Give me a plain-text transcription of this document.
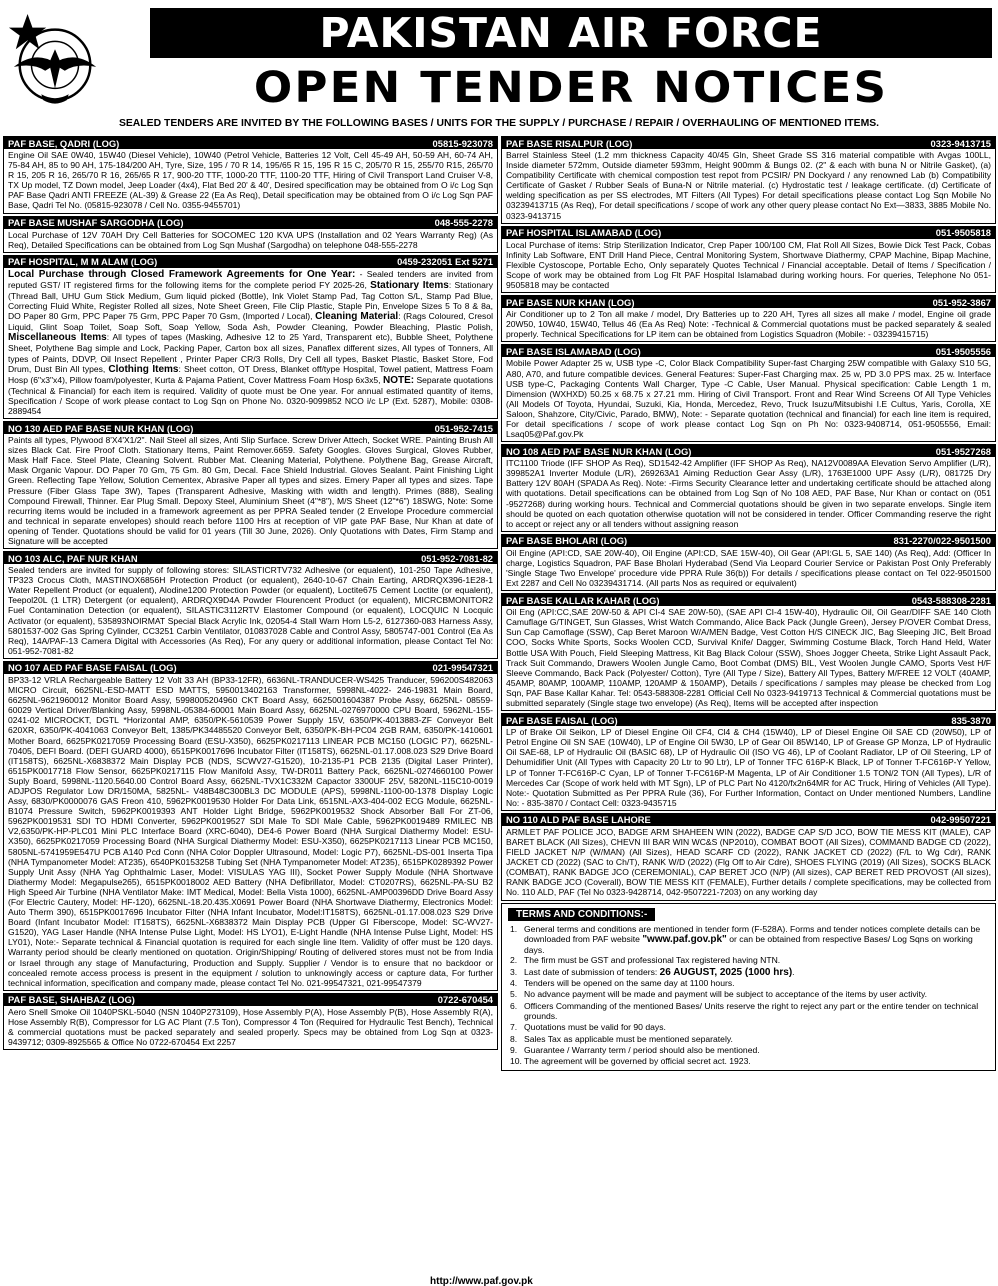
PAKISTAN AIR FORCE
OPEN TENDER NOTICES
SEALED TENDERS ARE INVITED BY THE FOLLOWING BASES / UNITS FOR THE SUPPLY / PURCHASE / REPAIR / OVERHAULING OF MENTIONED ITEMS.
PAF BASE, QADRI (LOG)	05815-923078
Engine Oil SAE 0W40, 15W40 (Diesel Vehicle), 10W40 (Petrol Vehicle, Batteries 12 Volt, Cell 45-49 AH, 50-59 AH, 60-74 AH, 75-84 AH, 85 to 90 AH, 175-184/200 AH, Tyre, Size, 195 / 70 R 14, 195/65 R 15, 195 R 15 C, 205/70 R 15, 255/70 R15, 265/70 R 15, 205 R 16, 265/70 R 16, 265/65 R 17, 900-20 TTF, 1000-20 TTF, 1100-20 TTF, Hiring of Civil Transport Land Cruiser V-8, TX Up model, TZ Down model, Jeep Loader (4x4), Flat Bed 20' & 40', Desired specification may be obtained from O i/c Log Sqn PAF Base Qadri ANTI FREEZE (AL-39) & Grease 22 (Ea As Req), Detail specification may be obtained from O i/c Log Sqn PAF Base, Qadri Tel No. (05815-923078 / Cell No. 0355-9455701)
PAF BASE MUSHAF SARGODHA (LOG)	048-555-2278
Local Purchase of 12V 70AH Dry Cell Batteries for SOCOMEC 120 KVA UPS (Installation and 02 Years Warranty Reg) (As Req), Detailed Specifications can be obtained from Log Sqn Mushaf (Sargodha) on telephone 048-555-2278
PAF HOSPITAL, M M ALAM (LOG)	0459-232051 Ext 5271
Local Purchase through Closed Framework Agreements for One Year: - Sealed tenders are invited from reputed GST/ IT registered firms for the following items for the complete period FY 2025-26, Stationary Items: Stationary (Thread Ball, UHU Gum Stick Medium, Gum liquid picked (Bottle), Ink Violet Stamp Pad, Tag Cotton S/L, Stamp Pad Blue, Correcting Fluid White, Register Rolled all sizes, Note Sheet Green, File Clip Plastic, Staple Pin, Envelope Sizes 5 To 8 & 8a, DO Paper 80 Grm, PPC Paper 75 Grm, PPC Paper 70 Gsm, (Imported / Local), Cleaning Material: (Rags Coloured, Cresol Liquid, Glint Soap Toilet, Soap Soft, Soap Yellow, Soda Ash, Powder Cleaning, Powder Bleaching, Plastic Polish, Miscellaneous Items: All types of tapes (Masking, Adhesive 12 to 25 Yard, Transparent etc), Bubble Sheet, Polythene Sheet, Polythene Bag simple and Lock, Packing Paper, Carton box all sizes, Panaflex different sizes, All types of Tonners, All types of Paints, DDVP, Oil Insect Repellent , Printer Paper CR/3 Rolls, Dry Cell all types, Basket Plastic, Basket Store, Fod Drum, Dust Bin All types, Clothing Items: Sheet cotton, OT Dress, Blanket off/type Hospital, Towel patient, Mattress Foam Hosp (6"x3"x4), Pillow foam/polyester, Kurta & Pajama Patient, Cover Mattress Foam Hosp 6x3x5, NOTE: Separate quotations (Technical & Financial) for each item is required. Validity of quote must be One year. For annual estimated quantity of items, Specification / Scope of work please contact to Log Sqn on Phone No. 0320-9099852 NCO i/c LP (Ext. 5287), Mobile: 0308-2889454
NO 130 AED PAF BASE NUR KHAN (LOG)	051-952-7415
Paints all types, Plywood 8'X4'X1/2". Nail Steel all sizes, Anti Slip Surface. Screw Driver Attech, Socket WRE. Painting Brush All sizes Black Cat. Fire Proof Cloth. Stationary Items, Paint Remover.6659. Safety Googles. Gloves Surgical, Gloves Rubber, Mask Half Face. Steel Plate, Cleaning Solvent. Rubber Mat. Cleaning Material, Polythene. Polythene Bag, Grease Aircraft, Mask Organic Vapour. DO Paper 70 Gm, 75 Gm. 80 Gm, Decal. Face Shield Industrial. Gloves Sealant. Paint Finishing Light Green. Reflecting Tape Yellow, Solution Cementex, Abrasive Paper all types and sizes. Emery Paper all types and sizes. Tape Pressure (Fiber Glass Tape 3W), Tapes (Transparent Adhesive, Masking with width and length). Primes (888), Sealing Compound Firewall, Thinner. Ear Plug Small. Depoxy Steel, Aluminium Sheet (4"*8"), M/S Sheet (12"*6") 18SWG, Note: Some recurring items would be included in a framework agreement as per PPRA Sealed tender (2 Envelope Procedure commercial and technical in separate envelopes) should reach before 1100 Hrs at reception of VIP gate PAF Base, Nur Khan at date of opening of Tender. Quotations should be valid for 01 years (Till 30 June, 2026). Only Quotations with Dates, Firm Stamp and Signature will be accepted
NO 103 ALC, PAF NUR KHAN	051-952-7081-82
Sealed tenders are invited for supply of following stores: SILASTICRTV732 Adhesive (or equalent), 101-250 Tape Adhesive, TP323 Crocus Cloth, MASTINOX6856H Protection Product (or equalent), 2640-10-67 Chain Earting, ARDRQX396-1E28-1 Water Repellent Product (or equalent), Alodine1200 Protection Powder (or equalent), Loctite675 Cement Loctite (or equalent), Teepol20L (1 LTR) Detergent (or equalent), ARDRQX9D4A Powder Flourencent Product (or equalent), MICRCBMONITOR2 Fuel Contamination Detection (or equalent), SILASTIC3112RTV Elastomer Compound (or equalent), LOCQUIC N Locquic Activator (or equalent), 535893NOIRMAT Special Black Acrylic Ink, 02054-4 Stall Warn Horn L5-2, 6127360-083 Harness Assy, 5801537-002 Gas Spring Cylinder, CC3251 Carbin Ventilator, 010837028 Cable and Control Assy, 5805747-001 Control (Ea As Req), 14A/PAF-13 Camera Digital with Accessories (As Req), For any query or additional information, please Contact Tel No: 051-952-7081-82
NO 107 AED PAF BASE FAISAL (LOG)	021-99547321
BP33-12 VRLA Rechargeable Battery 12 Volt 33 AH (BP33-12FR), 6636NL-TRANDUCER-WS425 Tranducer, 596200S482063 MICRO Circuit, 6625NL-ESD-MATT ESD MATTS, 5950013402163 Transformer, 5998NL-4022- 246-19831 Main Board, 6625NL-9621960012 Monitor Board Assy, 5998005204960 CKT Board Assy, 6625001604387 Probe Assy, 6625NL- 08559-60029 Vertical Driver/Blanking Assy, 5998NL-05384-60001 Main Board Assy, 6625NL-0276970000 CPU Board, 5962NL-155-0241-02 MICROCKT, DGTL *Horizontal AMP, 6350/PK-5610539 Power Supply 15V, 6350/PK-4013883-ZF Conveyor Belt 620XR, 6350/PK-4041063 Conveyor Belt, 1385/PK34485520 Conveyor Belt, 6350/PK-BH-PC04 2GB RAM, 6350/PK-1410601 Mother Board, 6625PK0217059 Processing Board (ESU-X350), 6625PK0217113 LINEAR PCB MC150 (LOGIC P7), 6625NL-70405, DEFI Board. (DEFI GUARD 4000), 6515PK0017696 Incubator Filter (IT158TS), 6625NL-01.17.008.023 S29 Drive Board (IT158TS), 6625NL-X6838372 Main Display PCB (NDS, SCWV27-G1520), 10-2135-P1 PCB 2135 (Digital Laser Printer), 6515PK0017718 Flow Sensor, 6625PK0217115 Flow Manifold Assy, TW-DR011 Battery Pack, 6625NL-0274660100 Power Suply Board, 5998NL-1120.5640.00 Control Board Assy, 6625NL-TVX1C332M Capactor 3300UF 25V, 5820NL-115C10-0019 ADJPOS Regulator Low DR/150MA, 5825NL- V48B48C300BL3 DC MODULE (APS), 5998NL-1100-00-1378 Display Logic Assy, 6830/PK0000076 GAS Freon 410, 5962PK0019530 Holder For Data Link, 6515NL-AX3-404-002 ECG Module, 6625NL-B1074 Pressure Switch, 5962PK0019393 ANT Holder Light Bridge, 5962PK0019532 Shock Absorber Ball For ZT-06, 5962PK0019531 SDI TO HDMI Converter, 5962PK0019527 SDI Male To SDI Male Cable, 5962PK0019489 RMILEC NB V2,6350/PK-HP-PLC01 Mini PLC Interface Board (XRC-6040), DE4-6 Power Board (NHA Surgical Diathermy Model: ESU-X350), 6625PK0217059 Processing Board (NHA Surgical Diathermy Model: ESU-X350), 6625PK0217113 Linear PCB MC150, 5805NL-5741959E547U PCB A140 Pcd Conn (NHA Color Doppler Ultrasound, Model: Logic P7), 6625NL-DS-001 Inserta Tipa (NHA Tympanometer Model: AT235), 6540PK0153258 Tubing Set (NHA Tympanometer Model: AT235), 6515PK0289392 Power Supply Unit Assy (NHA Yag Ophthalmic Laser, Model: VISULAS YAG III), Socket Power Supply Module (NHA Shortwave Diathermy Model: Megapulse265), 6515PK0018002 AED Battery (NHA Defibrillator, Model: CT0207RS), 6625NL-PA-SU B2 High Speed Air Turbine (NHA Ventilator Make: IMT Medical, Model: Bella Vista 1000), 6625NL-AMP00396DD Drive Board Assy (For Electric Cautery, Model: HF-120), 6625NL-18.20.435.X0691 Power Board (NHA Shortwave Diathermy, Electronics Model: Auto Therm 390), 6515PK0017696 Incubator Filter (NHA Infant Incubator, Model:IT158TS), 6625NL-01.17.008.023 S29 Drive Board (Infant Incubator Model: IT158TS), 6625NL-X6838372 Main Display PCB (Upper GI Fiberscope, Model: SC-WV27-G1520), YAG Laser Handle (NHA Intense Pulse Light, Model: HS LYO1), E-Light Handle (NHA Intense Pulse Light, Model: HS LY01), Note:- Separate technical & Financial quotation is required for each single line Item. Validity of offer must be 120 days. Warranty period should be clearly mentioned on quotation. Origin/Shipping/ Routing of delivered stores must not be from India or Israel through any stage of Manufacturing, Production and Supply. Supplier / Vendor is to ensure that no backdoor or concealed remote access process is present in the equipment / solution to unknowingly access or capture data, For further technical information, specification and company made, please contact Tel No. 021-99547321, 021-99547379
PAF BASE, SHAHBAZ (LOG)	0722-670454
Aero Snell Smoke Oil 1040PSKL-5040 (NSN 1040P273109), Hose Assembly P(A), Hose Assembly P(B), Hose Assembly R(A), Hose Assembly R(B), Compressor for LG AC Plant (7.5 Ton), Compressor 4 Ton (Required for Hydraulic Test Bench), Technical & commercial quotations must be packed separately and sealed properly. Specs may be obtained from Log Sqn at 0323-9439712; 0309-8925565 & Office No 0722-670454 Ext 2257
PAF BASE RISALPUR (LOG)	0323-9413715
Barrel Stainless Steel (1.2 mm thickness Capacity 40/45 Gln, Sheet Grade SS 316 material compatible with Avgas 100LL, Inside diameter 572mm, Outside diameter 593mm, Height 900mm & Bungs 02. (2" & each with buna N or Nitrile Gasket), (a) Compatibility Certificate with chemical compostion test repot from PCSIR/ PN Dockyard / any renowned Lab (b) Compatibility Certificate of Gasket / Rubber Seals of Buna-N or Nitrile material. (c) Hydrostatic test / leakage certificate. (d) Certificate of welding specification as per SS electrodes, MT Filters (All Types) For detail specifications please contact Log Sqn Mobile No 03239413715 (As Req), For detail specifications / scope of work any other query please contact No Ext—3833, 3885 Mobile No. 0323-9413715
PAF HOSPITAL ISLAMABAD (LOG)	051-9505818
Local Purchase of items: Strip Sterilization Indicator, Crep Paper 100/100 CM, Flat Roll All Sizes, Bowie Dick Test Pack, Cobas Infinity Lab Software, ENT Drill Hand Piece, Central Monitoring System, Shortwave Diathermy, CPAP Machine, Bipap Machine, Flexible Cystoscope, Portable Echo, Only separately Quotes Technical / Financial acceptable. Detail of Items / Specification / Scope of work may be obtained from Log Flt PAF Hospital Islamabad during working hours. For queries, Telephone No 051-9505818 may be contacted
PAF BASE NUR KHAN (LOG)	051-952-3867
Air Conditioner up to 2 Ton all make / model, Dry Batteries up to 220 AH, Tyres all sizes all make / model, Engine oil grade 20W50, 10W40, 15W40, Tellus 46 (Ea As Req) Note: -Technical & Commercial quotations must be packed separately & sealed properly. Technical Specifications for LP item can be obtained from Logistics Squadron (Mobile: - 03239415715)
PAF BASE ISLAMABAD (LOG)	051-9505556
Mobile Power Adapter 25 w, USB type -C, Color Black Compatibility Super-fast Charging 25W compatible with Galaxy S10 5G, A80, A70, and future compatible devices. General Features: Super-Fast Charging max. 25 w, PD 3.0 PPS max. 25 w. Interface USB type-C, Packaging Contents Wall Charger, Type -C Cable, User Manual. Physical specification: Cable Length 1 m, Dimension (WXHXD) 50.25 x 68.75 x 27.21 mm. Hiring of Civil Transport. Front and Rear Wind Screens Of All Type Vehicles (All Models Of Toyota, Hyundai, Suzuki, Kia, Honda, Mercedez, Revo, Truck Isuzu/Mitsubishi I.E Cultus, Yaris, Corolla, XE Saloon, Shahzore, City/Civic, Parado, BMW), Note: - Separate quotation (technical and financial) for each line item is required, For detail specifications / scope of work please contact Log Sqn on Ph No: 0323-9408714, 051-9505556, Email: Lsaq05@Paf.gov.Pk
NO 108 AED PAF BASE NUR KHAN (LOG)	051-9527268
ITC1100 Triode (IFF SHOP As Req), SD1542-42 Amplifier (IFF SHOP As Req), NA12V0089AA Elevation Servo Amplifier (L/R), 399852A1 Inverter Module (L/R), 269263A1 Aiming Reduction Gear Assy (L/R), 1763E1000 UPF Assy (L/R), 081725 Dry Battery 12V 80AH (SPADA As Req). Note: -Firms Security Clearance letter and undertaking certificate should be attached along with quotations. Detail specifications can be obtained from Log Sqn of No 108 AED, PAF Base, Nur Khan or contact on (051 -9527268) during working hours. Technical and Commercial quotations should be given in two separate envelops. Single item should be quoted on each quotation otherwise quotation will not be considered in tender. Officer Commanding reserve the right to accept or reject any or all tenders without assigning reason
PAF BASE BHOLARI (LOG)	831-2270/022-9501500
Oil Engine (API:CD, SAE 20W-40), Oil Engine (API:CD, SAE 15W-40), Oil Gear (API:GL 5, SAE 140) (As Req), Add: (Officer In charge, Logistics Squadron, PAF Base Bholari Hyderabad (Send Via Leopard Courier Service or Pakistan Post Only Preferably 'Single Stage Two Envelope' procedure vide PPRA Rule 36(b)) For details / specifications please contact on Tel 022-9501500 Ext 2287 and Cell No 03239431714. (All parts Nos as required or equivalent)
PAF BASE KALLAR KAHAR (LOG)	0543-588308-2281
Oil Eng (API:CC,SAE 20W-50 & API CI-4 SAE 20W-50), (SAE API CI-4 15W-40), Hydraulic Oil, Oil Gear/DIFF SAE 140 Cloth Camuflage G/TINGET, Sun Glasses, Wrist Watch Commando, Alice Back Pack (Jungle Green), Jersey P/OVER Combat Dress, Sun Cap Camoflage (SSW), Cap Beret Maroon W/A/MEN Badge, Vest Cotton H/S CINECK JIC, Bag Sleeping JIC, Belt Broad COO, Socks White Sports, Socks Woolen CCD, Survival Knife/ Dagger, Swimming Costume Black, Torch Hand Held, Water Bottle USA With Pouch, Field Sleeping Mattress, Kit Bag Black Colour (SSW), Shoes Jogger Cheeta, Strike Light Assault Pack, Track Suit Commando, Drawers Woolen Jungle Camo, Boot Combat (DMS) BIL, Vest Woolen Jungle CAMO, Sports Vest H/F Sleeve Commando, Back Pack (Polyester/ Cotton), Tyre (All Type / Size), Battery All Types, Battery M/FREE 12 VOLT (40AMP, 45AMP, 80AMP, 100AMP, 110AMP, 120AMP & 150AMP), Details / specifications / samples may please be checked from Log Sqn, PAF Base Kallar Kahar. Tel: 0543-588308-2281 Official Cell No 0323-9419713 Technical & Commercial quotations must be submitted separately (Single stage two envelope) (As Req), Items will be accepted after inspection
PAF BASE FAISAL (LOG)	835-3870
LP of Brake Oil Seikon, LP of Diesel Engine Oil CF4, Cl4 & CH4 (15W40), LP of Diesel Engine Oil SAE CD (20W50), LP of Petrol Engine Oil SN SAE (10W40), LP of Engine Oil 5W30, LP of Gear Oil 85W140, LP of Grease GP Monza, LP of Hydraulic Oil SAE-68, LP of Hydraulic Oil (BASIC 68), LP of Hydraulic Oil (ISO VG 46), LP of Coolant Radiator, LP of Oil Steering, LP of Dehumidifier Unit (All Types with Capacity 20 Ltr to 90 Ltr), LP of Tonner TFC 616P-K Black, LP of Tonner T-FC616P-Y Yellow, LP of Tonner T-FC616P-C Cyan, LP of Tonner T-FC616P-M Magenta, LP of Air Conditioner 1.5 TON/2 TON (All Types), L/R of Mercedes Car (Scope of work held with MT Sgn), LP of PLC Part No 4120/fx2n64MR for AC Truck, Hiring of Vehicles (All Type). Note:- Quotation Submitted as Per PPRA Rule (36), For Further Information, Contact on Under mentioned Numbers, Landline No: - 835-3870 / Contact Cell: 0323-9435715
NO 110 ALD PAF BASE LAHORE	042-99507221
ARMLET PAF POLICE JCO, BADGE ARM SHAHEEN WIN (2022), BADGE CAP S/D JCO, BOW TIE MESS KIT (MALE), CAP BARET BLACK (All Sizes), CHEVN III BAR WIN WC&S (NP2010), COMBAT BOOT (All Sizes), COMMAND BADGE CD (2022), FIELD JACKET N/P (W/MAN) (All Sizes), HEAD SCARF CD (2022), RANK JACKET CD (2022) (F/L to Wg Cdr), RANK JACKET CD (2022) (SAC to Ch/T), RANK W/D (2022) (Flg Off to Air Cdre), SHOES FLYING (2019) (All Sizes), SOCKS BLACK (COMBAT), RANK BADGE JCO (CEREMONIAL), CAP BERET JCO (N/P) (All sizes), CAP BERET RED PROVOST (All sizes), RANK BADGE JCO (Coverall), BOW TIE MESS KIT (FEMALE), Further details / complete specifications, may be collected from No. 110 ALD, PAF (Tel No 0323-9428714, 042-9507221-7203) on any working day
TERMS AND CONDITIONS:-
1. General terms and conditions are mentioned in tender form (F-528A). Forms and tender notices complete details can be downloaded from PAF website "www.paf.gov.pk" or can be obtained from respective Bases/ Log Sqns on working days.
2. The firm must be GST and professional Tax registered having NTN.
3. Last date of submission of tenders: 26 AUGUST, 2025 (1000 hrs).
4. Tenders will be opened on the same day at 1100 hours.
5. No advance payment will be made and payment will be subject to acceptance of the items by user activity.
6. Officers Commanding of the mentioned Bases/ Units reserve the right to reject any part or the entire tender on technical grounds.
7. Quotations must be valid for 90 days.
8. Sales Tax as applicable must be mentioned separately.
9. Guarantee / Warranty term / period should also be mentioned.
10. The agreement will be governed by official secret act. 1923.
http://www.paf.gov.pk
